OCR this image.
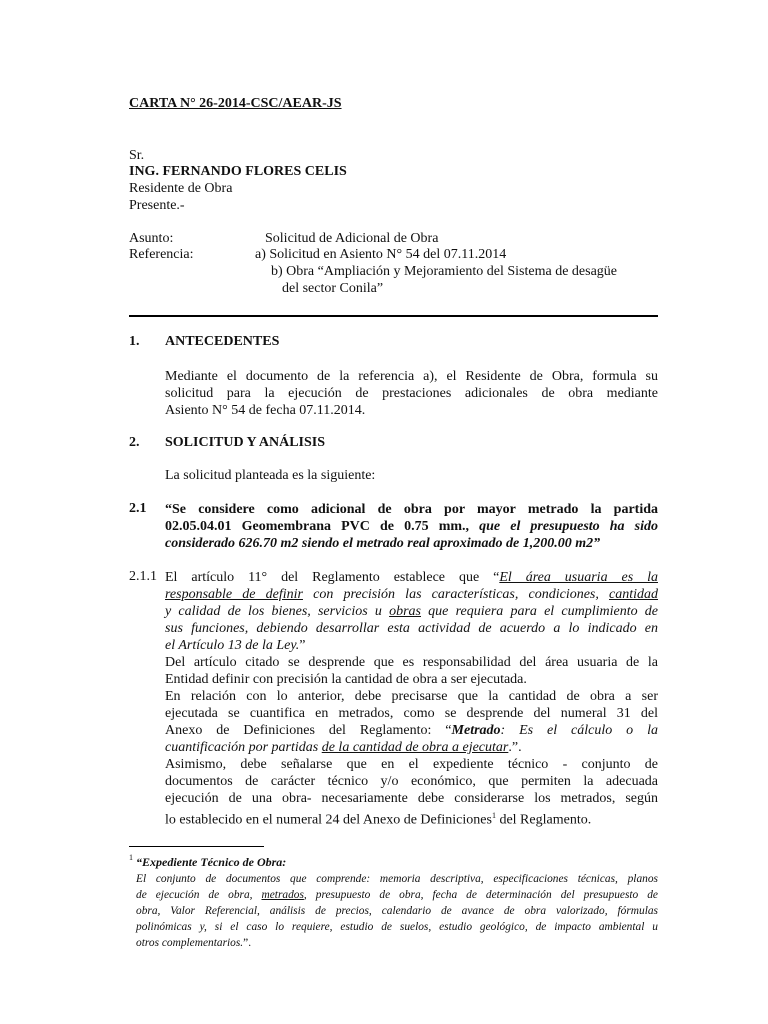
CARTA N° 26-2014-CSC/AEAR-JS
Sr.
ING. FERNANDO FLORES CELIS
Residente de Obra
Presente.-
Asunto:	Solicitud de Adicional de Obra
Referencia:	a) Solicitud en Asiento N° 54 del 07.11.2014
b) Obra “Ampliación y Mejoramiento del Sistema de desagüe
del sector Conila”
1. ANTECEDENTES
Mediante el documento de la referencia a), el Residente de Obra, formula su
solicitud para la ejecución de prestaciones adicionales de obra mediante
Asiento N° 54 de fecha 07.11.2014.
2. SOLICITUD Y ANÁLISIS
La solicitud planteada es la siguiente:
2.1 “Se considere como adicional de obra por mayor metrado la partida
02.05.04.01 Geomembrana PVC de 0.75 mm., que el presupuesto ha sido
considerado 626.70 m2 siendo el metrado real aproximado de 1,200.00 m2”
2.1.1 El artículo 11° del Reglamento establece que “El área usuaria es la
responsable de definir con precisión las características, condiciones, cantidad
y calidad de los bienes, servicios u obras que requiera para el cumplimiento de
sus funciones, debiendo desarrollar esta actividad de acuerdo a lo indicado en
el Artículo 13 de la Ley.”
Del artículo citado se desprende que es responsabilidad del área usuaria de la
Entidad definir con precisión la cantidad de obra a ser ejecutada.
En relación con lo anterior, debe precisarse que la cantidad de obra a ser
ejecutada se cuantifica en metrados, como se desprende del numeral 31 del
Anexo de Definiciones del Reglamento: “Metrado: Es el cálculo o la
cuantificación por partidas de la cantidad de obra a ejecutar.”.
Asimismo, debe señalarse que en el expediente técnico - conjunto de
documentos de carácter técnico y/o económico, que permiten la adecuada
ejecución de una obra- necesariamente debe considerarse los metrados, según
lo establecido en el numeral 24 del Anexo de Definiciones$^1$ del Reglamento.
1 “Expediente Técnico de Obra:
El conjunto de documentos que comprende: memoria descriptiva, especificaciones técnicas, planos
de ejecución de obra, metrados, presupuesto de obra, fecha de determinación del presupuesto de
obra, Valor Referencial, análisis de precios, calendario de avance de obra valorizado, fórmulas
polinómicas y, si el caso lo requiere, estudio de suelos, estudio geológico, de impacto ambiental u
otros complementarios.”.
